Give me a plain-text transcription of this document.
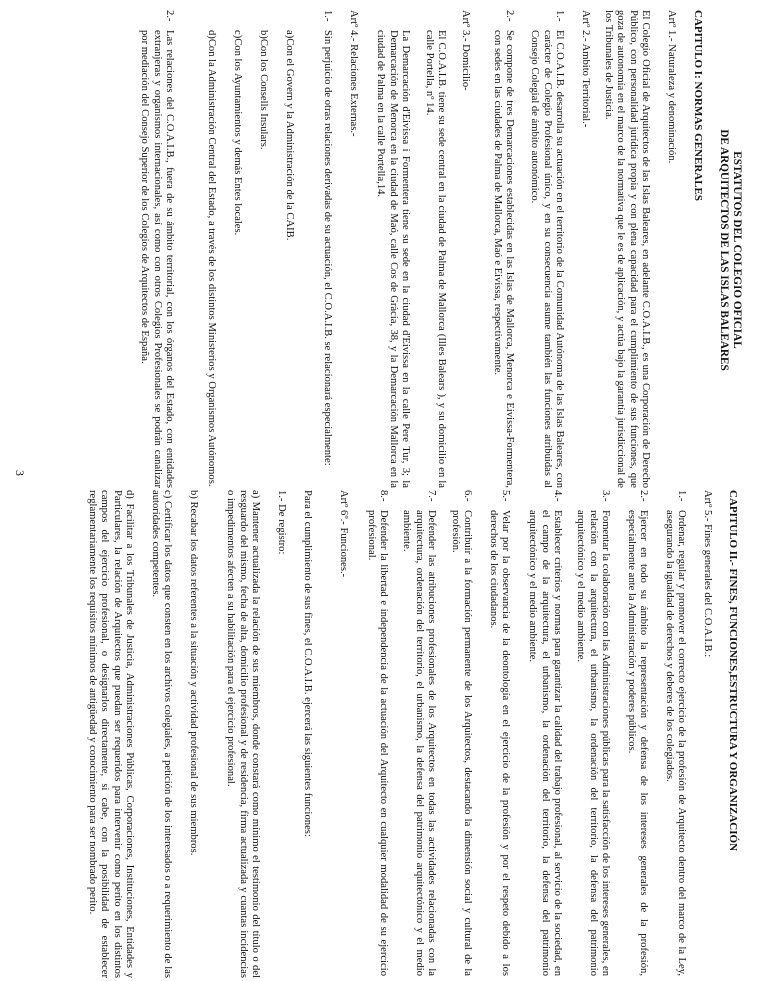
ESTATUTOS DEL COLEGIO OFICIAL
DE ARQUITECTOS DE LAS ISLAS BALEARES
CAPITULO I: NORMAS GENERALES
Artº 1.- Naturaleza y denominación.
El Colegio Oficial de Arquitectos de las Islas Baleares, en adelante C.O.A.I.B., es una Corporación de Derecho Público, con personalidad jurídica propia y con plena capacidad para el cumplimiento de sus funciones, que goza de autonomía en el marco de la normativa que le es de aplicación, y actúa bajo la garantía jurisdiccional de los Tribunales de Justicia.
Artº 2.- Ambito Territorial.-
1.-
El C.O.A.I.B. desarrolla su actuación en el territorio de la Comunidad Autónoma de las Islas Baleares, con carácter de Colegio Profesional único, y en su consecuencia asume también las funciones atribuidas al Consejo Colegial de ámbito autonómico.
2.-
Se compone de tres Demarcaciones establecidas en las Islas de Mallorca, Menorca e Eivissa-Formentera, con sedes en las ciudades de Palma de Mallorca, Maó e Eivissa, respectivamente.
Artº 3.- Domicilio-
El C.O.A.I.B. tiene su sede central en la ciudad de Palma de Mallorca (Illes Balears ), y su domicilio en la calle Portella, nº 14.
La Demarcación d'Eivissa i Formentera tiene su sede en la ciudad d'Eivissa en la calle Pere Tur, 3; la Demarcación de Menorca en la ciudad de Maó, calle Cos de Gràcia, 38, y la Demarcación Mallorca en la ciudad de Palma en la calle Portella,14.
Artº 4.- Relaciones Externas.-
1.-
Sin perjuicio de otras relaciones derivadas de su actuación, el C.O.A.I.B. se relacionará especialmente:
a)Con el Govern y la Administración de la CAIB.
b)Con los Consells Insulars.
c)Con los Ayuntamientos y demás Entes locales.
d)Con la Administración Central del Estado, a través de los distintos Ministerios y Organismos Autónomos.
2.-
Las relaciones del C.O.A.I.B., fuera de su ámbito territorial, con los órganos del Estado, con entidades extranjeras y organismos internacionales, así como con otros Colegios Profesionales se podrán canalizar por mediación del Consejo Superior de los Colegios de Arquitectos de España.
3
CAPITULO II.- FINES, FUNCIONES,ESTRUCTURA Y ORGANIZACIÓN
Artº 5.- Fines generales del C.O.A.I.B.:
1.-
Ordenar, regular y promover el correcto ejercicio de la profesión de Arquitecto dentro del marco de la Ley, asegurando la igualdad de derechos y deberes de los colegiados.
2.-
Ejercer en todo su ámbito la representación y defensa de los intereses generales de la profesión, especialmente ante la Administración y poderes públicos.
3.-
Fomentar la colaboración con las Administraciones públicas para la satisfacción de los intereses generales, en relación con la arquitectura, el urbanismo, la ordenación del territorio, la defensa del patrimonio arquitectónico y el medio ambiente.
4.-
Establecer criterios y normas para garantizar la calidad del trabajo profesional, al servicio de la sociedad, en el campo de la arquitectura, el urbanismo, la ordenación del territorio, la defensa del patrimonio arquitectónico y el medio ambiente.
5.-
Velar por la observancia de la deontología en el ejercicio de la profesión y por el respeto debido a los derechos de los ciudadanos.
6.-
Contribuir a la formación permanente de los Arquitectos, destacando la dimensión social y cultural de la profesión.
7.-
Defender las atribuciones profesionales de los Arquitectos en todas las actividades relacionadas con la arquitectura, ordenación del territorio, el urbanismo, la defensa del patrimonio arquitectónico y el medio ambiente.
8.-
Defender la libertad e independencia de la actuación del Arquitecto en cualquier modalidad de su ejercicio profesional.
Artº 6º.- Funciones.-
Para el cumplimiento de sus fines, el C.O.A.I.B. ejercerá las siguientes funciones:
1.- De registro:
a) Mantener actualizada la relación de sus miembros, donde constará como mínimo el testimonio del título o del resguardo del mismo, fecha de alta, domicilio profesional y de residencia, firma actualizada y cuantas incidencias o impedimentos afecten a su habilitación para el ejercicio profesional.
b) Recabar los datos referentes a la situación y actividad profesional de sus miembros.
c) Certificar los datos que consten en los archivos colegiales, a petición de los interesados o a requerimiento de las autoridades competentes.
d) Facilitar a los Tribunales de Justicia, Administraciones Públicas, Corporaciones, Instituciones, Entidades y Particulares, la relación de Arquitectos que puedan ser requeridos para intervenir como perito en los distintos campos del ejercicio profesional, o designarlos directamente, si cabe, con la posibilidad de establecer reglamentariamente los requisitos mínimos de antigüedad y conocimiento para ser nombrado perito.
